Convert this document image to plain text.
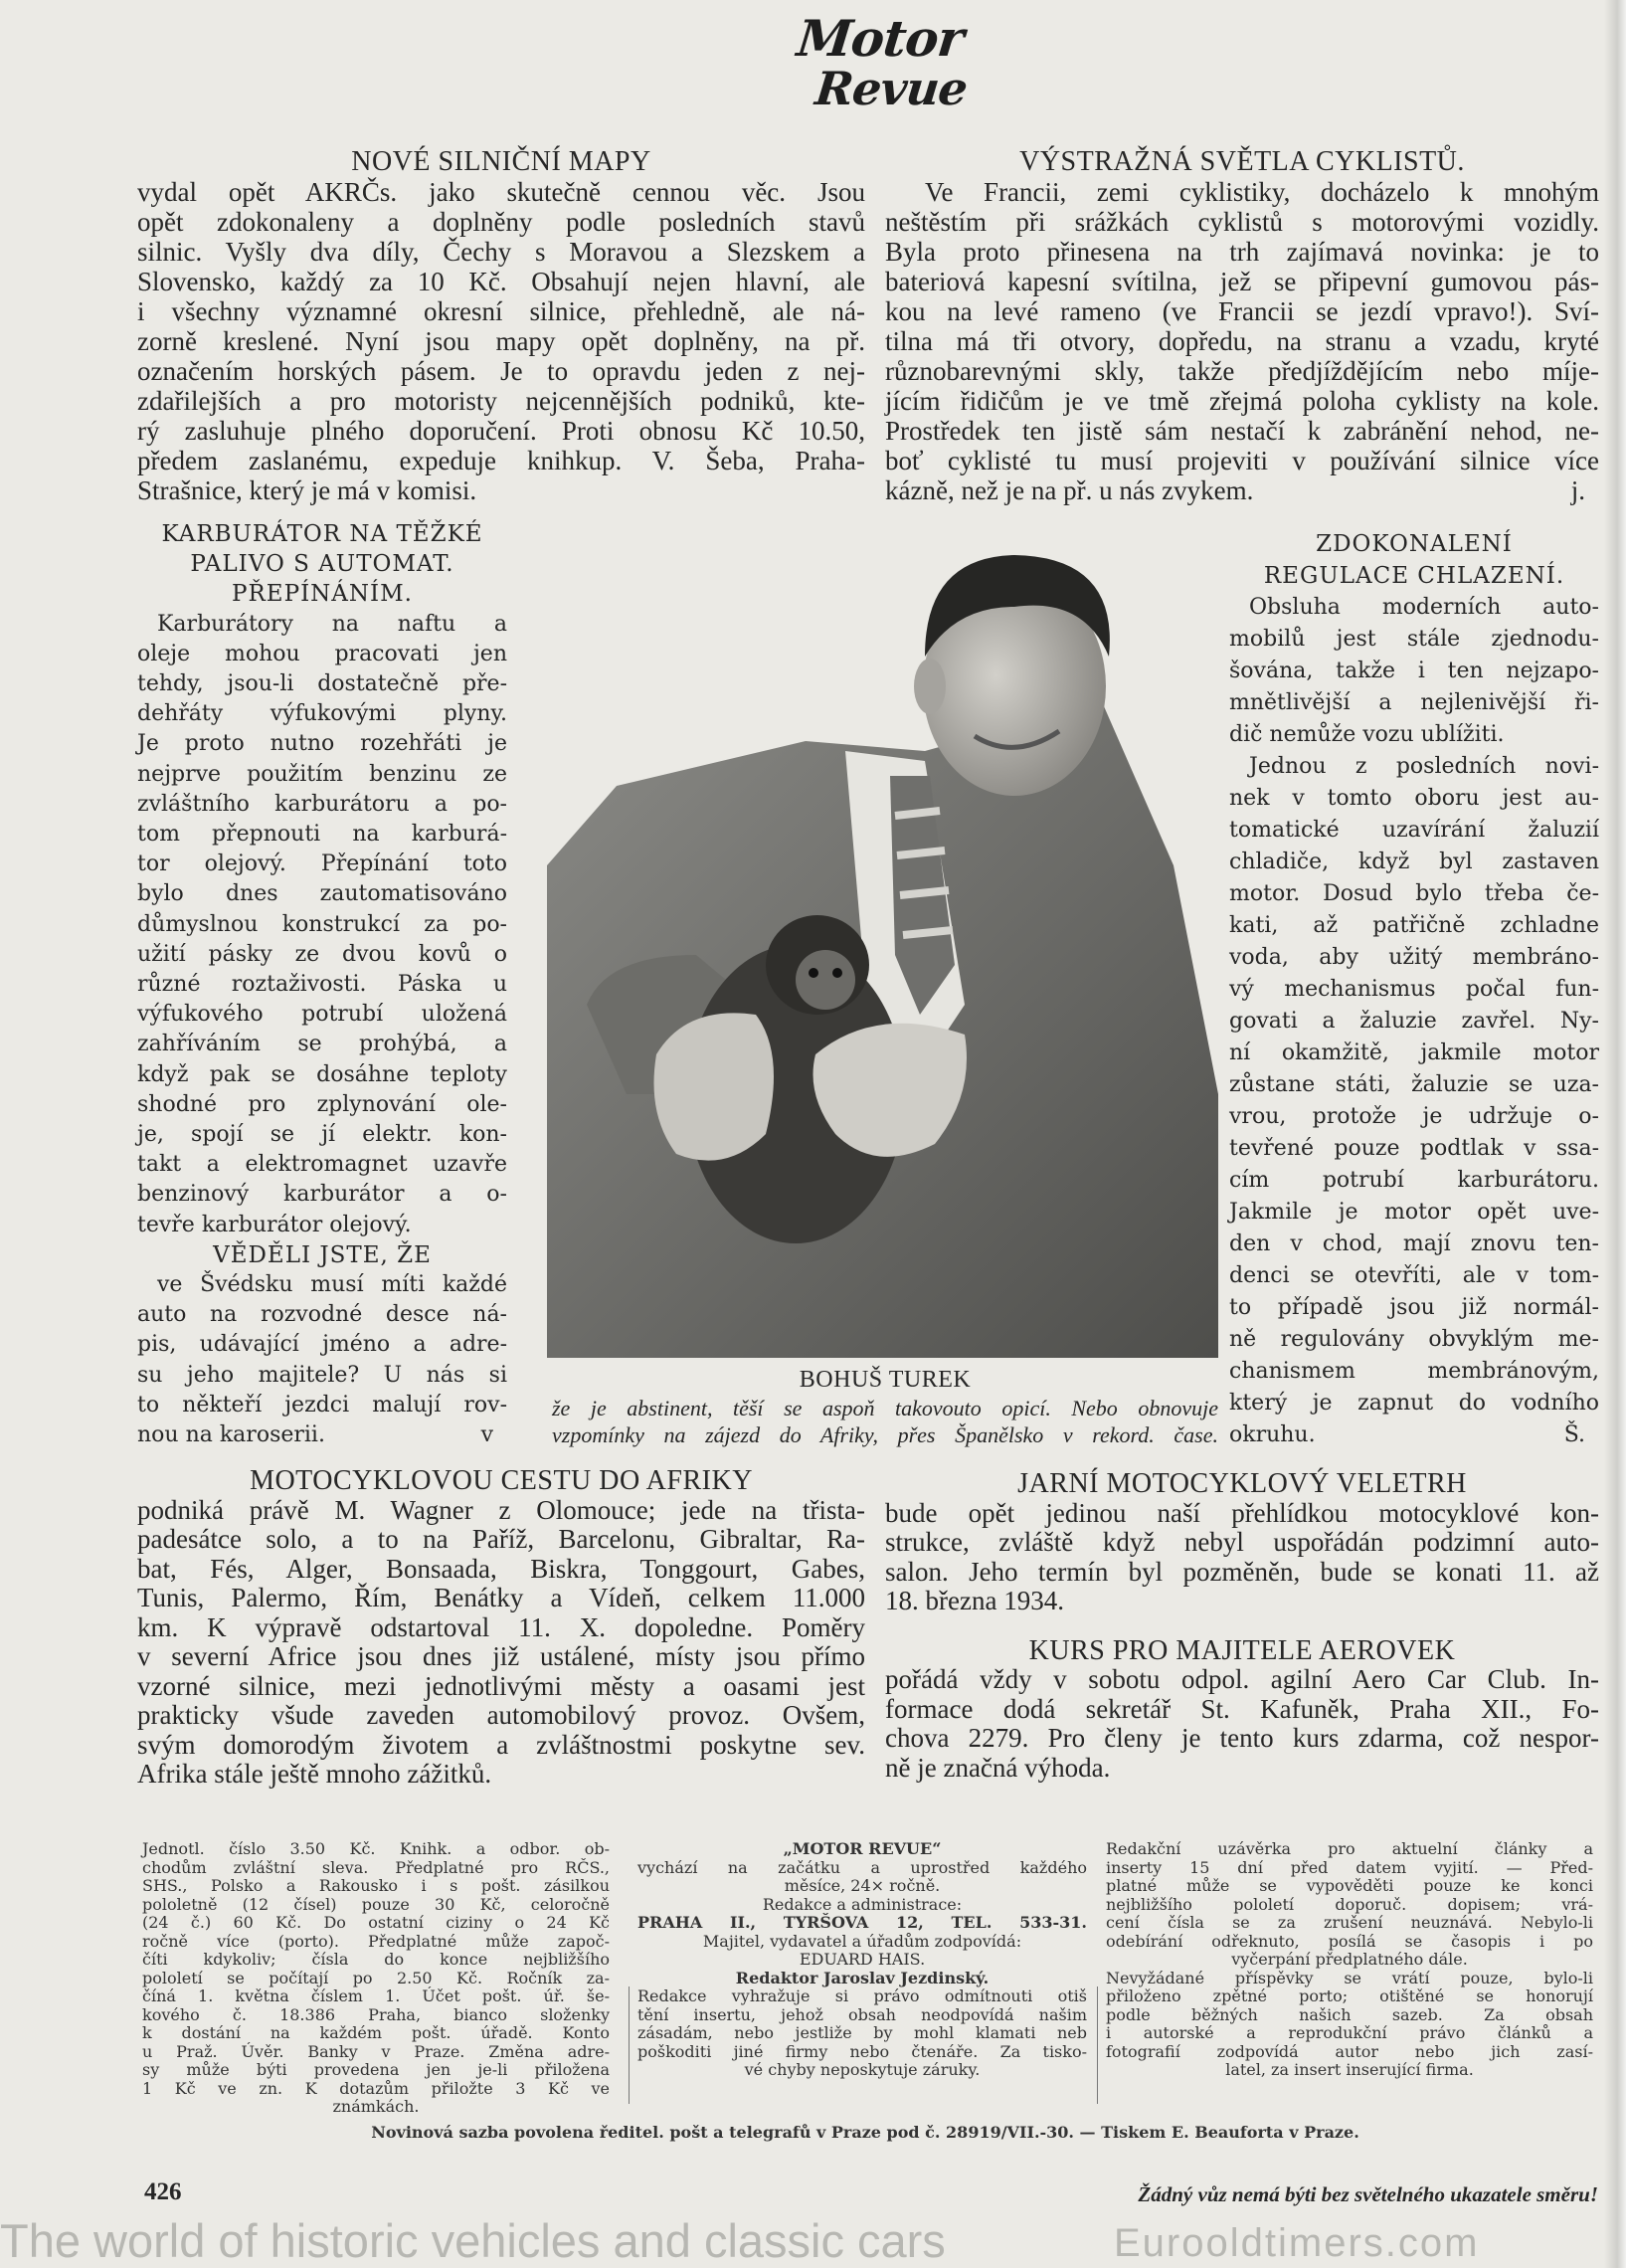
Motor
Revue
NOVÉ SILNIČNÍ MAPY
vydal opět AKRČs. jako skutečně cennou věc. Jsou
opět zdokonaleny a doplněny podle posledních stavů
silnic. Vyšly dva díly, Čechy s Moravou a Slezskem a
Slovensko, každý za 10 Kč. Obsahují nejen hlavní, ale
i všechny významné okresní silnice, přehledně, ale ná-
zorně kreslené. Nyní jsou mapy opět doplněny, na př.
označením horských pásem. Je to opravdu jeden z nej-
zdařilejších a pro motoristy nejcennějších podniků, kte-
rý zasluhuje plného doporučení. Proti obnosu Kč 10.50,
předem zaslanému, expeduje knihkup. V. Šeba, Praha-
Strašnice, který je má v komisi.
VÝSTRAŽNÁ SVĚTLA CYKLISTŮ.
Ve Francii, zemi cyklistiky, docházelo k mnohým
neštěstím při srážkách cyklistů s motorovými vozidly.
Byla proto přinesena na trh zajímavá novinka: je to
bateriová kapesní svítilna, jež se připevní gumovou pás-
kou na levé rameno (ve Francii se jezdí vpravo!). Sví-
tilna má tři otvory, dopředu, na stranu a vzadu, kryté
různobarevnými skly, takže předjíždějícím nebo míje-
jícím řidičům je ve tmě zřejmá poloha cyklisty na kole.
Prostředek ten jistě sám nestačí k zabránění nehod, ne-
boť cyklisté tu musí projeviti v používání silnice více
kázně, než je na př. u nás zvykem.	j.
KARBURÁTOR NA TĚŽKÉ
PALIVO S AUTOMAT.
PŘEPÍNÁNÍM.
Karburátory na naftu a
oleje mohou pracovati jen
tehdy, jsou-li dostatečně pře-
dehřáty výfukovými plyny.
Je proto nutno rozehřáti je
nejprve použitím benzinu ze
zvláštního karburátoru a po-
tom přepnouti na karburá-
tor olejový. Přepínání toto
bylo dnes zautomatisováno
důmyslnou konstrukcí za po-
užití pásky ze dvou kovů o
různé roztaživosti. Páska u
výfukového potrubí uložená
zahříváním se prohýbá, a
když pak se dosáhne teploty
shodné pro zplynování ole-
je, spojí se jí elektr. kon-
takt a elektromagnet uzavře
benzinový karburátor a o-
tevře karburátor olejový.
VĚDĚLI JSTE, ŽE
ve Švédsku musí míti každé
auto na rozvodné desce ná-
pis, udávající jméno a adre-
su jeho majitele? U nás si
to někteří jezdci malují rov-
nou na karoserii.	v
BOHUŠ TUREK
že je abstinent, těší se aspoň takovouto opicí. Nebo obnovuje
vzpomínky na zájezd do Afriky, přes Španělsko v rekord. čase.
ZDOKONALENÍ
REGULACE CHLAZENÍ.
Obsluha moderních auto-
mobilů jest stále zjednodu-
šována, takže i ten nejzapo-
mnětlivější a nejlenivější ři-
dič nemůže vozu ublížiti.
Jednou z posledních novi-
nek v tomto oboru jest au-
tomatické uzavírání žaluzií
chladiče, když byl zastaven
motor. Dosud bylo třeba če-
kati, až patřičně zchladne
voda, aby užitý membráno-
vý mechanismus počal fun-
govati a žaluzie zavřel. Ny-
ní okamžitě, jakmile motor
zůstane státi, žaluzie se uza-
vrou, protože je udržuje o-
tevřené pouze podtlak v ssa-
cím potrubí karburátoru.
Jakmile je motor opět uve-
den v chod, mají znovu ten-
denci se otevříti, ale v tom-
to případě jsou již normál-
ně regulovány obvyklým me-
chanismem membránovým,
který je zapnut do vodního
okruhu.	Š.
MOTOCYKLOVOU CESTU DO AFRIKY
podniká právě M. Wagner z Olomouce; jede na třista-
padesátce solo, a to na Paříž, Barcelonu, Gibraltar, Ra-
bat, Fés, Alger, Bonsaada, Biskra, Tonggourt, Gabes,
Tunis, Palermo, Řím, Benátky a Vídeň, celkem 11.000
km. K výpravě odstartoval 11. X. dopoledne. Poměry
v severní Africe jsou dnes již ustálené, místy jsou přímo
vzorné silnice, mezi jednotlivými městy a oasami jest
prakticky všude zaveden automobilový provoz. Ovšem,
svým domorodým životem a zvláštnostmi poskytne sev.
Afrika stále ještě mnoho zážitků.
JARNÍ MOTOCYKLOVÝ VELETRH
bude opět jedinou naší přehlídkou motocyklové kon-
strukce, zvláště když nebyl uspořádán podzimní auto-
salon. Jeho termín byl pozměněn, bude se konati 11. až
18. března 1934.
KURS PRO MAJITELE AEROVEK
pořádá vždy v sobotu odpol. agilní Aero Car Club. In-
formace dodá sekretář St. Kafuněk, Praha XII., Fo-
chova 2279. Pro členy je tento kurs zdarma, což nespor-
ně je značná výhoda.
Jednotl. číslo 3.50 Kč. Knihk. a odbor. ob-
chodům zvláštní sleva. Předplatné pro RČS.,
SHS., Polsko a Rakousko i s pošt. zásilkou
pololetně (12 čísel) pouze 30 Kč, celoročně
(24 č.) 60 Kč. Do ostatní ciziny o 24 Kč
ročně více (porto). Předplatné může započ-
číti kdykoliv; čísla do konce nejbližšího
pololetí se počítají po 2.50 Kč. Ročník za-
číná 1. května číslem 1. Účet pošt. úř. še-
kového č. 18.386 Praha, bianco složenky
k dostání na každém pošt. úřadě. Konto
u Praž. Úvěr. Banky v Praze. Změna adre-
sy může býti provedena jen je-li přiložena
1 Kč ve zn. K dotazům přiložte 3 Kč ve
známkách.
„MOTOR REVUE“
vychází na začátku a uprostřed každého
měsíce, 24× ročně.
Redakce a administrace:
PRAHA II., TYRŠOVA 12, TEL. 533-31.
Majitel, vydavatel a úřadům zodpovídá:
EDUARD HAIS.
Redaktor Jaroslav Jezdinský.
Redakce vyhražuje si právo odmítnouti otiš
tění insertu, jehož obsah neodpovídá našim
zásadám, nebo jestliže by mohl klamati neb
poškoditi jiné firmy nebo čtenáře. Za tisko-
vé chyby neposkytuje záruky.
Redakční uzávěrka pro aktuelní články a
inserty 15 dní před datem vyjití. — Před-
platné může se vypověděti pouze ke konci
nejbližšího pololetí doporuč. dopisem; vrá-
cení čísla se za zrušení neuznává. Nebylo-li
odebírání odřeknuto, posílá se časopis i po
vyčerpání předplatného dále.
Nevyžádané příspěvky se vrátí pouze, bylo-li
přiloženo zpětné porto; otištěné se honorují
podle běžných našich sazeb. Za obsah
i autorské a reprodukční právo článků a
fotografií zodpovídá autor nebo jich zasí-
latel, za insert inserující firma.
Novinová sazba povolena ředitel. pošt a telegrafů v Praze pod č. 28919/VII.-30. — Tiskem E. Beauforta v Praze.
426	Žádný vůz nemá býti bez světelného ukazatele směru!
The world of historic vehicles and classic cars	Eurooldtimers.com
